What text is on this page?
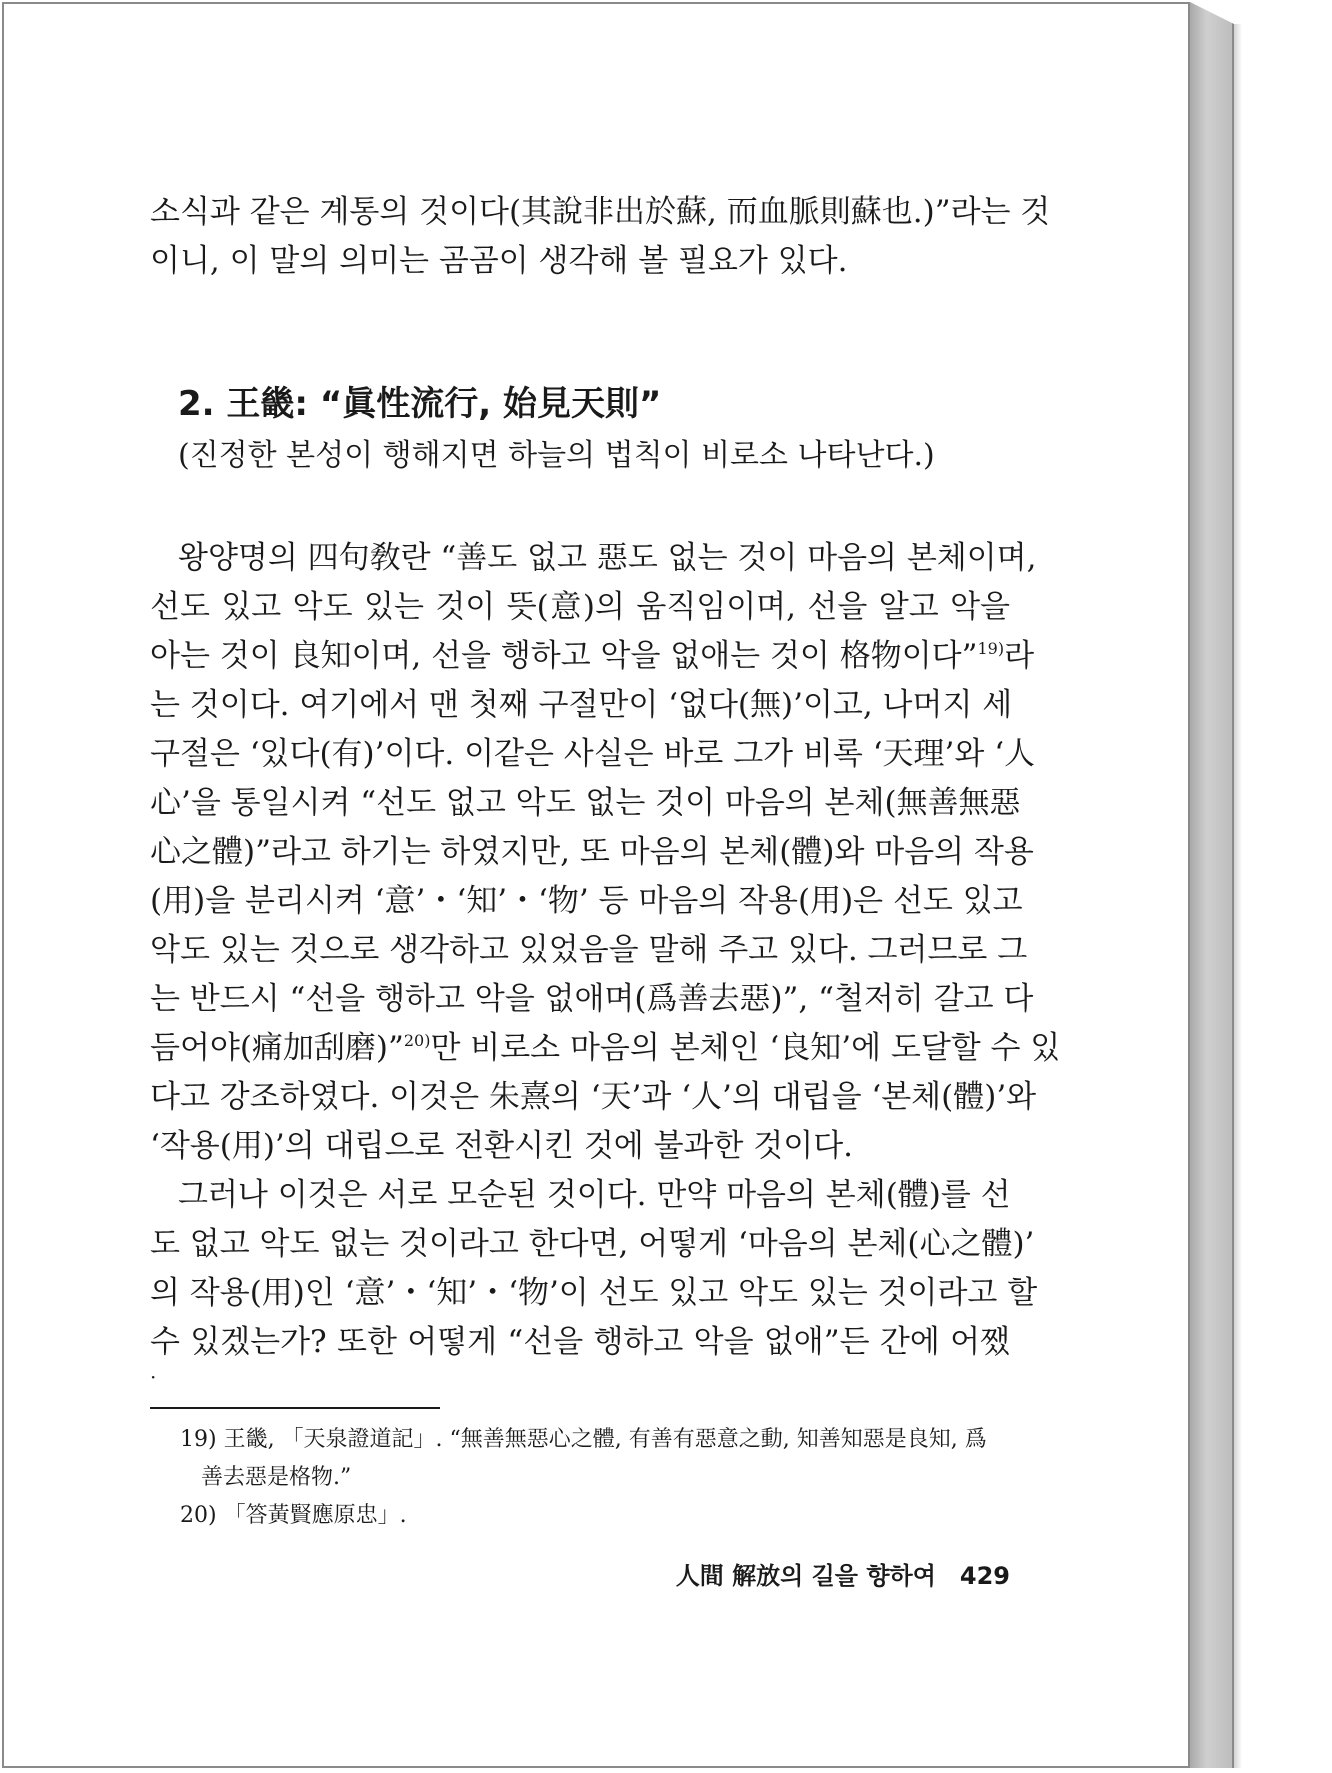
소식과 같은 계통의 것이다(其說非出於蘇, 而血脈則蘇也.)”라는 것
이니, 이 말의 의미는 곰곰이 생각해 볼 필요가 있다.
2. 王畿: “眞性流行, 始見天則”
(진정한 본성이 행해지면 하늘의 법칙이 비로소 나타난다.)
왕양명의 四句敎란 “善도 없고 惡도 없는 것이 마음의 본체이며,
선도 있고 악도 있는 것이 뜻(意)의 움직임이며, 선을 알고 악을
아는 것이 良知이며, 선을 행하고 악을 없애는 것이 格物이다”$^{19)}$라
는 것이다. 여기에서 맨 첫째 구절만이 ‘없다(無)’이고, 나머지 세
구절은 ‘있다(有)’이다. 이같은 사실은 바로 그가 비록 ‘天理’와 ‘人
心’을 통일시켜 “선도 없고 악도 없는 것이 마음의 본체(無善無惡
心之體)”라고 하기는 하였지만, 또 마음의 본체(體)와 마음의 작용
(用)을 분리시켜 ‘意’・‘知’・‘物’ 등 마음의 작용(用)은 선도 있고
악도 있는 것으로 생각하고 있었음을 말해 주고 있다. 그러므로 그
는 반드시 “선을 행하고 악을 없애며(爲善去惡)”, “철저히 갈고 다
듬어야(痛加刮磨)”$^{20)}$만 비로소 마음의 본체인 ‘良知’에 도달할 수 있
다고 강조하였다. 이것은 朱熹의 ‘天’과 ‘人’의 대립을 ‘본체(體)’와
‘작용(用)’의 대립으로 전환시킨 것에 불과한 것이다.
그러나 이것은 서로 모순된 것이다. 만약 마음의 본체(體)를 선
도 없고 악도 없는 것이라고 한다면, 어떻게 ‘마음의 본체(心之體)’
의 작용(用)인 ‘意’・‘知’・‘物’이 선도 있고 악도 있는 것이라고 할
수 있겠는가? 또한 어떻게 “선을 행하고 악을 없애”든 간에 어쨌
·
19) 王畿, 「天泉證道記」. “無善無惡心之體, 有善有惡意之動, 知善知惡是良知, 爲
善去惡是格物.”
20) 「答黃賢應原忠」.
人間 解放의 길을 향하여 429
